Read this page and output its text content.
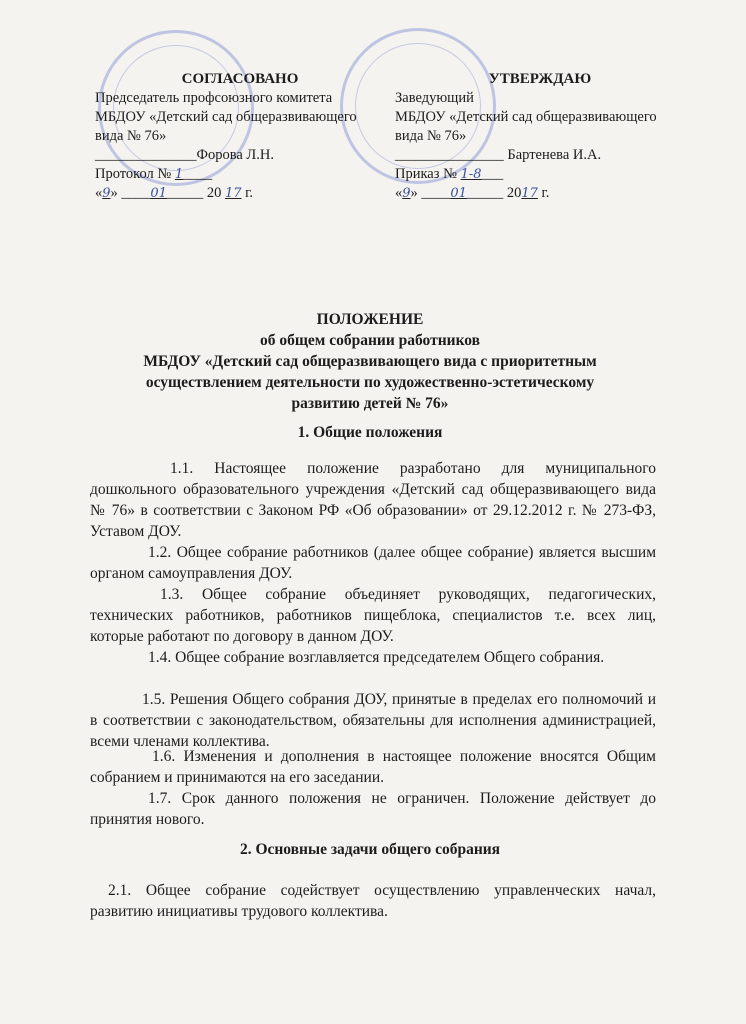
СОГЛАСОВАНО
Председатель профсоюзного комитета
МБДОУ «Детский сад общеразвивающего
вида № 76»
______________Форова Л.Н.
Протокол № 1____
«9» ____01_____ 20 17 г.
УТВЕРЖДАЮ
Заведующий
МБДОУ «Детский сад общеразвивающего
вида № 76»
_______________ Бартенева И.А.
Приказ № 1-8___
«9» ____01_____ 2017 г.
ПОЛОЖЕНИЕ
об общем собрании работников
МБДОУ «Детский сад общеразвивающего вида с приоритетным
осуществлением деятельности по художественно-эстетическому
развитию детей № 76»
1. Общие положения
1.1. Настоящее положение разработано для муниципального дошкольного образовательного учреждения «Детский сад общеразвивающего вида № 76» в соответствии с Законом РФ «Об образовании» от 29.12.2012 г. № 273-ФЗ, Уставом ДОУ.
1.2. Общее собрание работников (далее общее собрание) является высшим органом самоуправления ДОУ.
1.3. Общее собрание объединяет руководящих, педагогических, технических работников, работников пищеблока, специалистов т.е. всех лиц, которые работают по договору в данном ДОУ.
1.4. Общее собрание возглавляется председателем Общего собрания.
1.5. Решения Общего собрания ДОУ, принятые в пределах его полномочий и в соответствии с законодательством, обязательны для исполнения администрацией, всеми членами коллектива.
1.6. Изменения и дополнения в настоящее положение вносятся Общим собранием и принимаются на его заседании.
1.7. Срок данного положения не ограничен. Положение действует до принятия нового.
2. Основные задачи общего собрания
2.1. Общее собрание содействует осуществлению управленческих начал, развитию инициативы трудового коллектива.
